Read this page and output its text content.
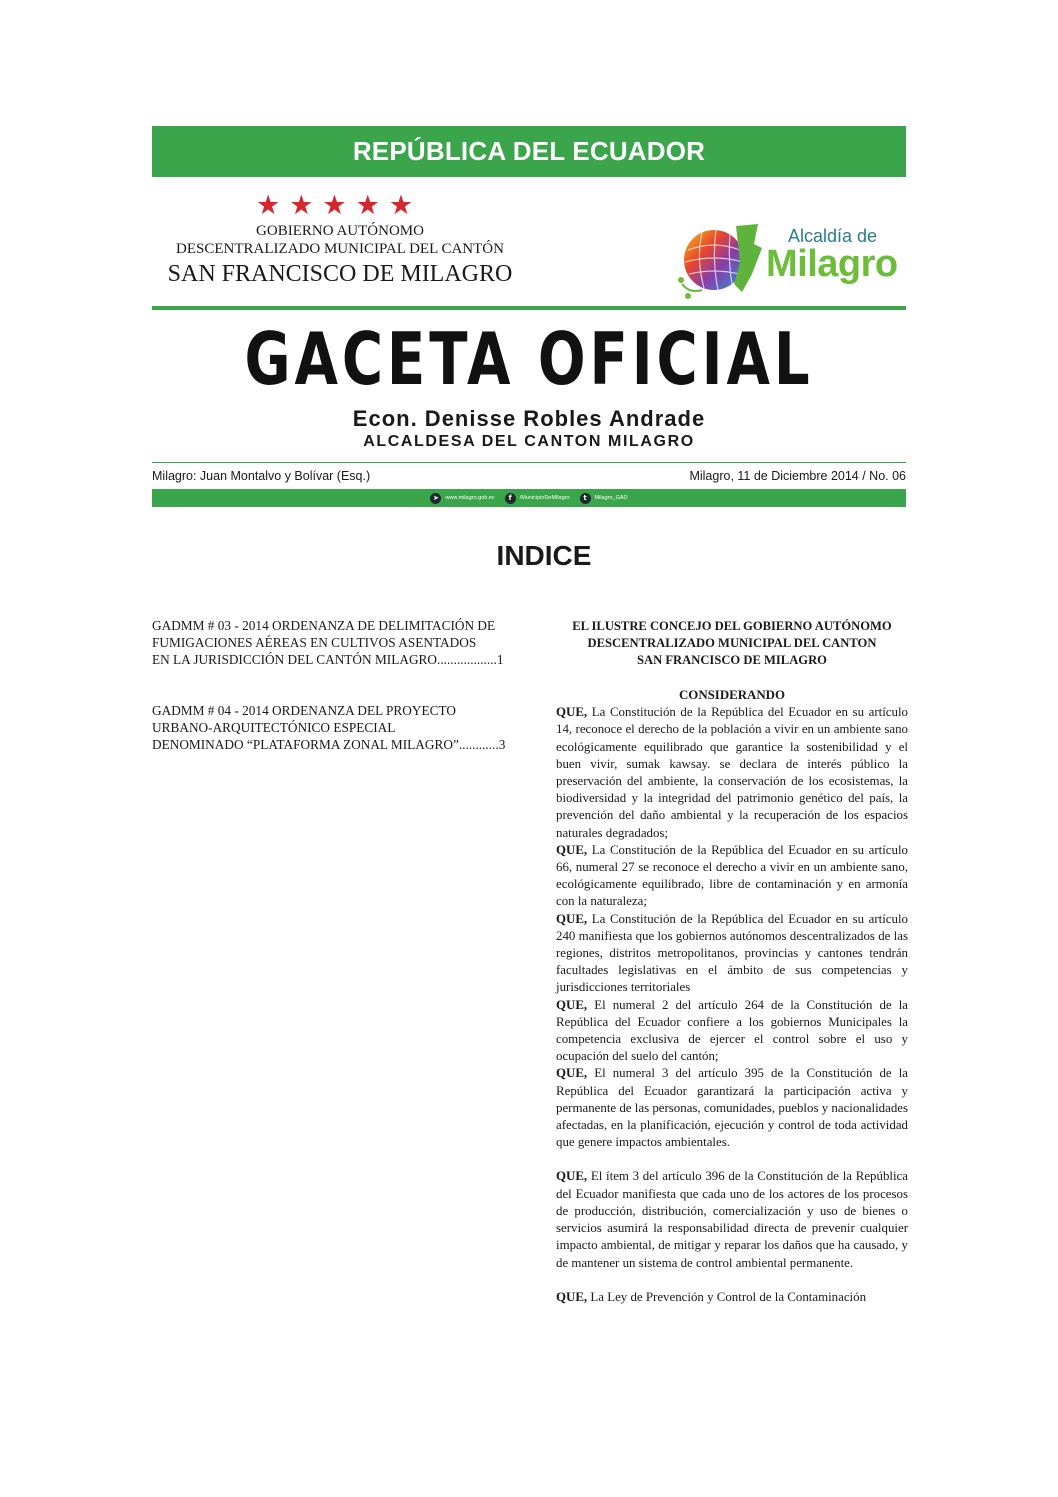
REPÚBLICA DEL ECUADOR
★★★★★
GOBIERNO AUTÓNOMO
DESCENTRALIZADO MUNICIPAL DEL CANTÓN
SAN FRANCISCO DE MILAGRO
Alcaldía de
Milagro
GACETA OFICIAL
Econ. Denisse Robles Andrade
ALCALDESA DEL CANTON MILAGRO
Milagro: Juan Montalvo y Bolívar (Esq.)	Milagro, 11 de Diciembre 2014 / No. 06
➤	www.milagro.gob.ec	f	/MunicipioDeMilagro	t	Milagro_GAD
INDICE
GADMM # 03 - 2014 ORDENANZA DE DELIMITACIÓN DE
FUMIGACIONES AÉREAS EN CULTIVOS ASENTADOS
EN LA JURISDICCIÓN DEL CANTÓN MILAGRO..................1
GADMM # 04 - 2014 ORDENANZA DEL PROYECTO
URBANO-ARQUITECTÓNICO ESPECIAL
DENOMINADO “PLATAFORMA ZONAL MILAGRO”............3
EL ILUSTRE CONCEJO DEL GOBIERNO AUTÓNOMO
DESCENTRALIZADO MUNICIPAL DEL CANTON
SAN FRANCISCO DE MILAGRO
CONSIDERANDO
QUE, La Constitución de la República del Ecuador en su artículo 14, reconoce el derecho de la población a vivir en un ambiente sano ecológicamente equilibrado que garantice la sostenibilidad y el buen vivir, sumak kawsay. se declara de interés público la preservación del ambiente, la conservación de los ecosistemas, la biodiversidad y la integridad del patrimonio genético del país, la prevención del daño ambiental y la recuperación de los espacios naturales degradados;
QUE, La Constitución de la República del Ecuador en su artículo 66, numeral 27 se reconoce el derecho a vivir en un ambiente sano, ecológicamente equilibrado, libre de contaminación y en armonía con la naturaleza;
QUE, La Constitución de la República del Ecuador en su artículo 240 manifiesta que los gobiernos autónomos descentralizados de las regiones, distritos metropolitanos, provincias y cantones tendrán facultades legislativas en el ámbito de sus competencias y jurisdicciones territoriales
QUE, El numeral 2 del artículo 264 de la Constitución de la República del Ecuador confiere a los gobiernos Municipales la competencia exclusiva de ejercer el control sobre el uso y ocupación del suelo del cantón;
QUE, El numeral 3 del artículo 395 de la Constitución de la República del Ecuador garantizará la participación activa y permanente de las personas, comunidades, pueblos y nacionalidades afectadas, en la planificación, ejecución y control de toda actividad que genere impactos ambientales.
QUE, El ítem 3 del artículo 396 de la Constitución de la República del Ecuador manifiesta que cada uno de los actores de los procesos de producción, distribución, comercialización y uso de bienes o servicios asumirá la responsabilidad directa de prevenir cualquier impacto ambiental, de mitigar y reparar los daños que ha causado, y de mantener un sistema de control ambiental permanente.
QUE, La Ley de Prevención y Control de la Contaminación
